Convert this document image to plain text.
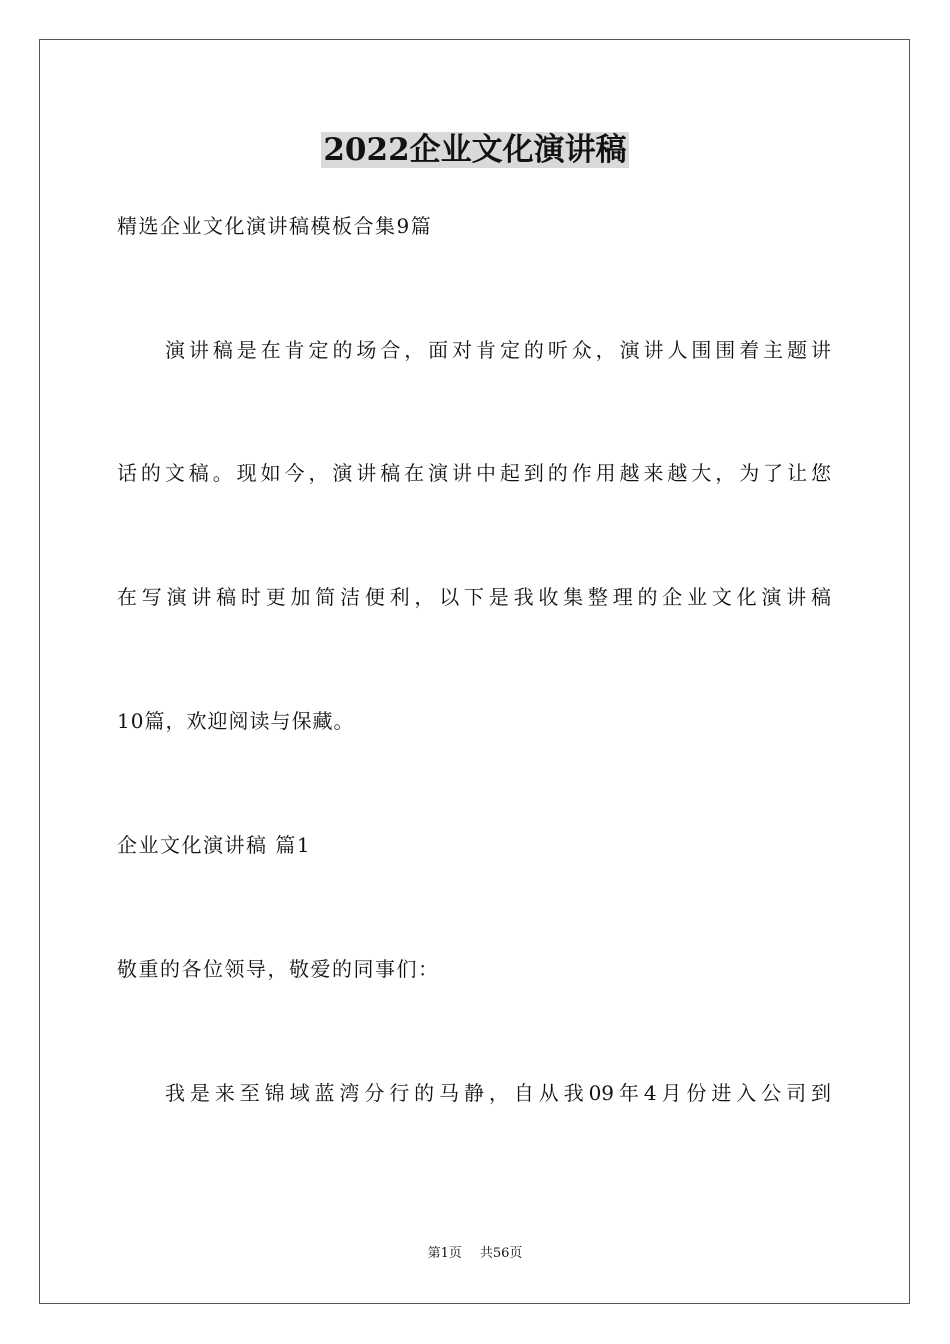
2022企业文化演讲稿
精选企业文化演讲稿模板合集9篇
演讲稿是在肯定的场合，面对肯定的听众，演讲人围围着主题讲
话的文稿。现如今，演讲稿在演讲中起到的作用越来越大，为了让您
在写演讲稿时更加简洁便利，以下是我收集整理的企业文化演讲稿
10篇，欢迎阅读与保藏。
企业文化演讲稿 篇1
敬重的各位领导，敬爱的同事们：
我是来至锦域蓝湾分行的马静，自从我09年4月份进入公司到
第1页 共56页
